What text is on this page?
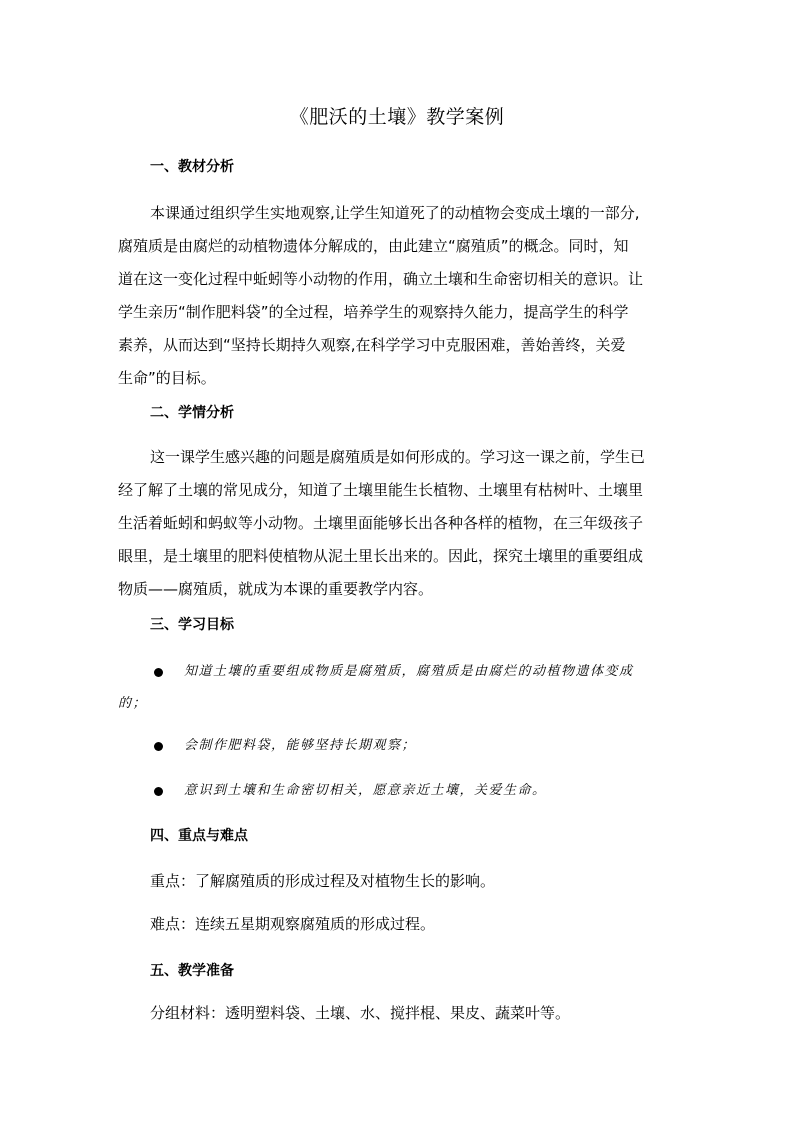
《肥沃的土壤》教学案例
一、教材分析
本课通过组织学生实地观察,让学生知道死了的动植物会变成土壤的一部分,
腐殖质是由腐烂的动植物遗体分解成的，由此建立“腐殖质”的概念。同时，知
道在这一变化过程中蚯蚓等小动物的作用，确立土壤和生命密切相关的意识。让
学生亲历“制作肥料袋”的全过程，培养学生的观察持久能力，提高学生的科学
素养，从而达到“坚持长期持久观察,在科学学习中克服困难，善始善终，关爱
生命”的目标。
二、学情分析
这一课学生感兴趣的问题是腐殖质是如何形成的。学习这一课之前，学生已
经了解了土壤的常见成分，知道了土壤里能生长植物、土壤里有枯树叶、土壤里
生活着蚯蚓和蚂蚁等小动物。土壤里面能够长出各种各样的植物，在三年级孩子
眼里，是土壤里的肥料使植物从泥土里长出来的。因此，探究土壤里的重要组成
物质——腐殖质，就成为本课的重要教学内容。
三、学习目标
知道土壤的重要组成物质是腐殖质，腐殖质是由腐烂的动植物遗体变成
的；
会制作肥料袋，能够坚持长期观察；
意识到土壤和生命密切相关，愿意亲近土壤，关爱生命。
四、重点与难点
重点：了解腐殖质的形成过程及对植物生长的影响。
难点：连续五星期观察腐殖质的形成过程。
五、教学准备
分组材料：透明塑料袋、土壤、水、搅拌棍、果皮、蔬菜叶等。
